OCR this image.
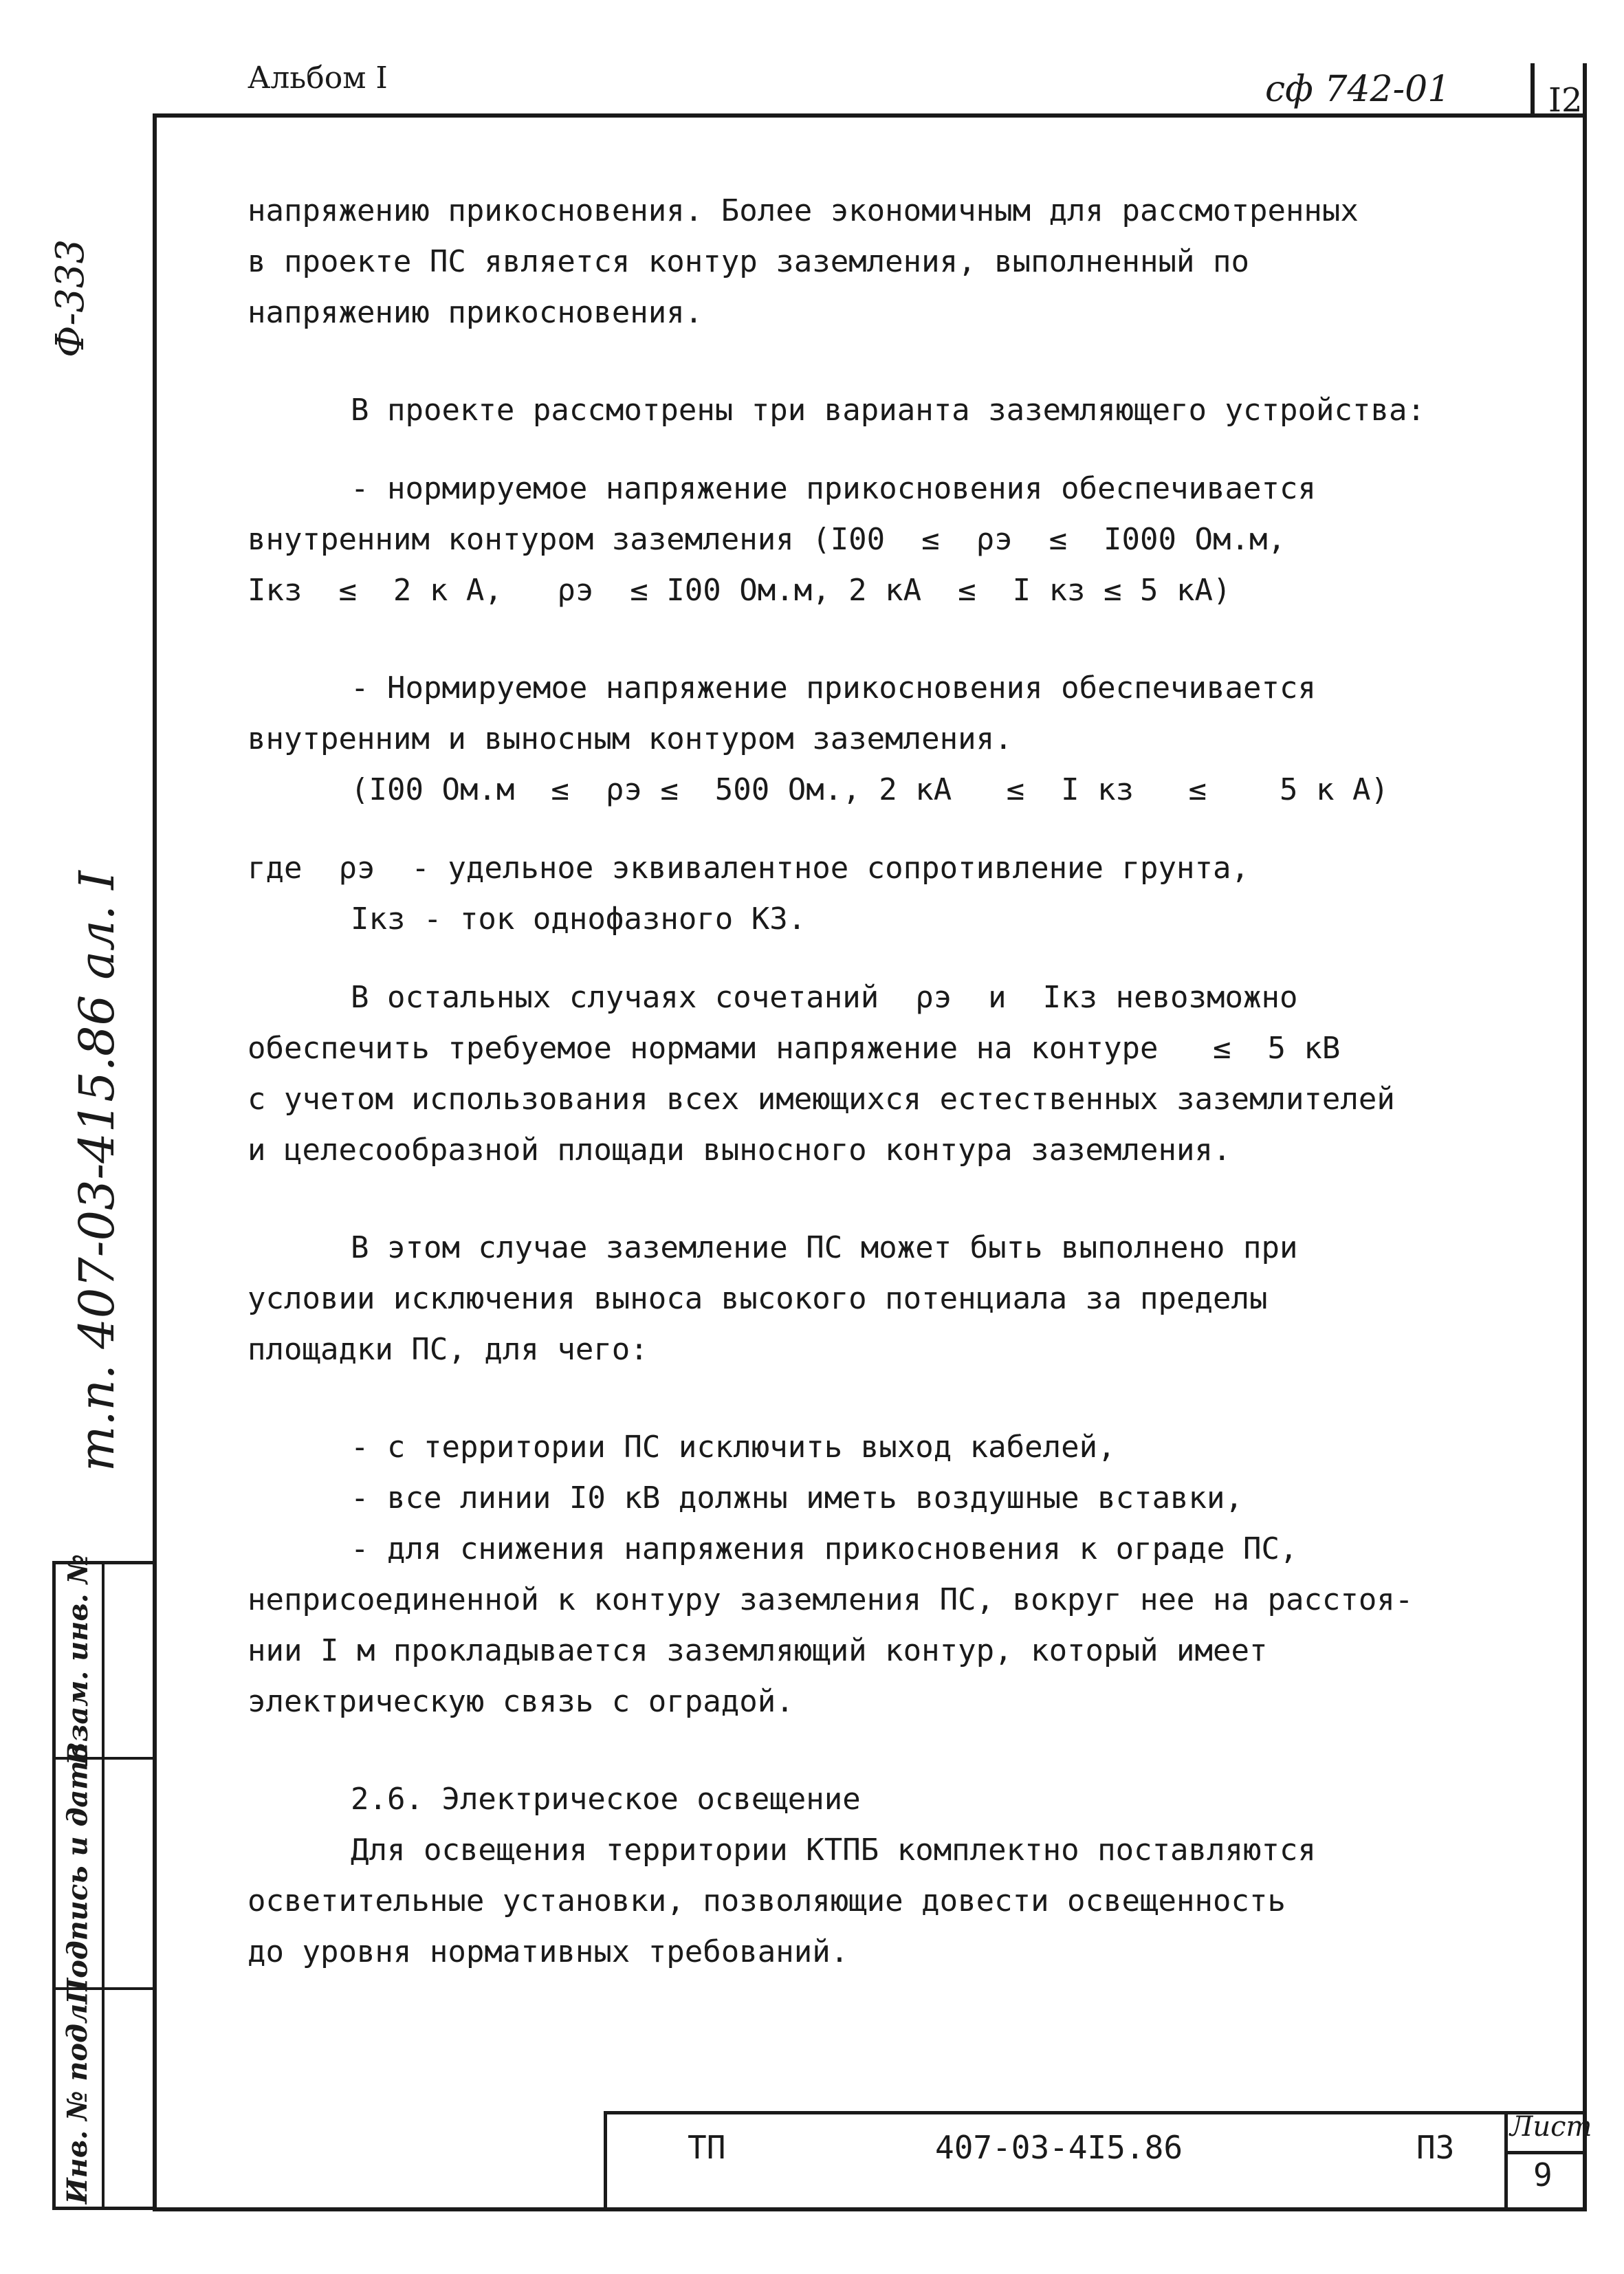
Альбом I	сф 742-01	I2
Ф-333
т.п. 407-03-415.86 ал. I
Взам. инв. №
Подпись и дата
Инв. № подл.
напряжению прикосновения. Более экономичным для рассмотренных
в проекте ПС является контур заземления, выполненный по
напряжению прикосновения.
В проекте рассмотрены три варианта заземляющего устройства:
- нормируемое напряжение прикосновения обеспечивается
внутренним контуром заземления (I00  ≤  ρэ  ≤  I000 Ом.м,
Iкз  ≤  2 к А,   ρэ  ≤ I00 Ом.м, 2 кА  ≤  I кз ≤ 5 кА)
- Нормируемое напряжение прикосновения обеспечивается
внутренним и выносным контуром заземления.
(I00 Ом.м  ≤  ρэ ≤  500 Ом., 2 кА   ≤  I кз   ≤    5 к А)
где  ρэ  - удельное эквивалентное сопротивление грунта,
Iкз - ток однофазного КЗ.
В остальных случаях сочетаний  ρэ  и  Iкз невозможно
обеспечить требуемое нормами напряжение на контуре   ≤  5 кВ
с учетом использования всех имеющихся естественных заземлителей
и целесообразной площади выносного контура заземления.
В этом случае заземление ПС может быть выполнено при
условии исключения выноса высокого потенциала за пределы
площадки ПС, для чего:
- с территории ПС исключить выход кабелей,
- все линии I0 кВ должны иметь воздушные вставки,
- для снижения напряжения прикосновения к ограде ПС,
неприсоединенной к контуру заземления ПС, вокруг нее на расстоя-
нии I м прокладывается заземляющий контур, который имеет
электрическую связь с оградой.
2.6. Электрическое освещение
Для освещения территории КТПБ комплектно поставляются
осветительные установки, позволяющие довести освещенность
до уровня нормативных требований.
ТП	407-03-4I5.86	ПЗ
Лист
9
